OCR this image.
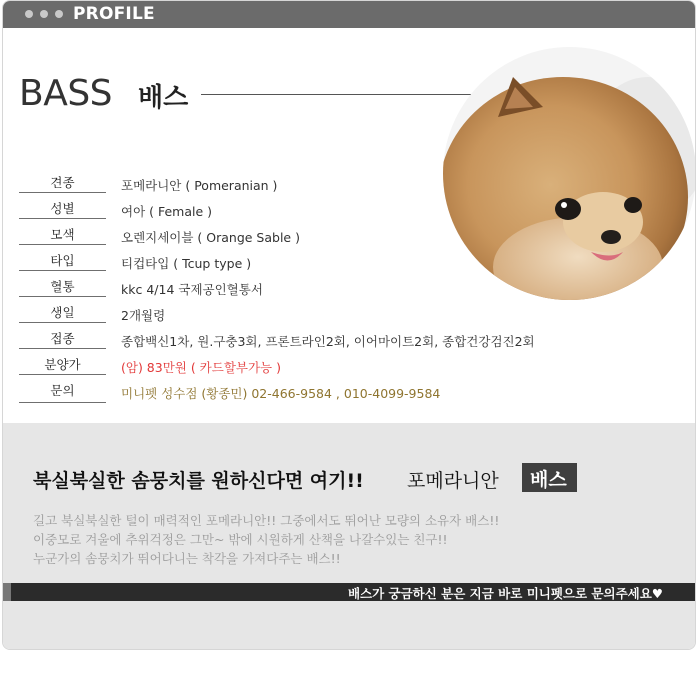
PROFILE
BASS 배스
견종	포메라니안 ( Pomeranian )
성별	여아 ( Female )
모색	오렌지세이블 ( Orange Sable )
타입	티컵타입 ( Tcup type )
혈통	kkc 4/14 국제공인혈통서
생일	2개월령
접종	종합백신1차, 원.구충3회, 프론트라인2회, 이어마이트2회, 종합건강검진2회
분양가	(암) 83만원 ( 카드할부가능 )
문의	미니펫 성수점 (황종민) 02-466-9584 , 010-4099-9584
북실북실한 솜뭉치를 원하신다면 여기!! 포메라니안 배스
길고 북실북실한 털이 매력적인 포메라니안!! 그중에서도 뛰어난 모량의 소유자 배스!!
이중모로 겨울에 추위걱정은 그만~ 밖에 시원하게 산책을 나갈수있는 친구!!
누군가의 솜뭉치가 뛰어다니는 착각을 가져다주는 배스!!
배스가 궁금하신 분은 지금 바로 미니펫으로 문의주세요♥
